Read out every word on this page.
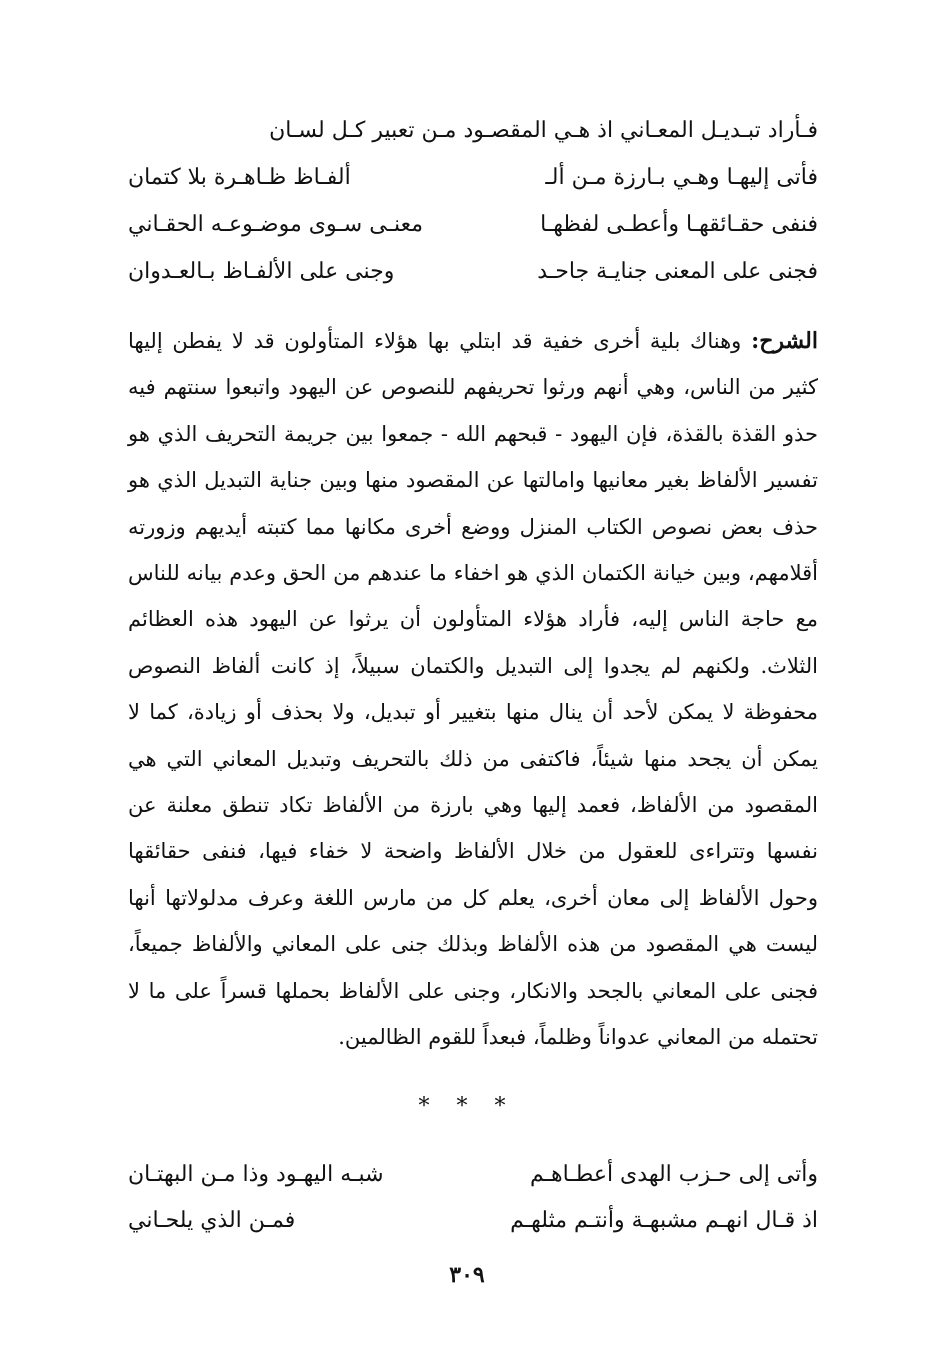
فـأراد تبـديـل المعـاني اذ هـي المقصـود مـن تعبير كـل لسـان
فأتى إليهـا وهـي بـارزة مـن ألـ
ألفـاظ ظـاهـرة بلا كتمان
فنفى حقـائقهـا وأعطـى لفظهـا
معنـى سـوى موضـوعـه الحقـاني
فجنى على المعنى جنايـة جاحـد
وجنى على الألفـاظ بـالعـدوان
الشرح: وهناك بلية أخرى خفية قد ابتلي بها هؤلاء المتأولون قد لا يفطن إليها كثير من الناس، وهي أنهم ورثوا تحريفهم للنصوص عن اليهود واتبعوا سنتهم فيه حذو القذة بالقذة، فإن اليهود - قبحهم الله - جمعوا بين جريمة التحريف الذي هو تفسير الألفاظ بغير معانيها وامالتها عن المقصود منها وبين جناية التبديل الذي هو حذف بعض نصوص الكتاب المنزل ووضع أخرى مكانها مما كتبته أيديهم وزورته أقلامهم، وبين خيانة الكتمان الذي هو اخفاء ما عندهم من الحق وعدم بيانه للناس مع حاجة الناس إليه، فأراد هؤلاء المتأولون أن يرثوا عن اليهود هذه العظائم الثلاث. ولكنهم لم يجدوا إلى التبديل والكتمان سبيلاً، إذ كانت ألفاظ النصوص محفوظة لا يمكن لأحد أن ينال منها بتغيير أو تبديل، ولا بحذف أو زيادة، كما لا يمكن أن يجحد منها شيئاً، فاكتفى من ذلك بالتحريف وتبديل المعاني التي هي المقصود من الألفاظ، فعمد إليها وهي بارزة من الألفاظ تكاد تنطق معلنة عن نفسها وتتراءى للعقول من خلال الألفاظ واضحة لا خفاء فيها، فنفى حقائقها وحول الألفاظ إلى معان أخرى، يعلم كل من مارس اللغة وعرف مدلولاتها أنها ليست هي المقصود من هذه الألفاظ وبذلك جنى على المعاني والألفاظ جميعاً، فجنى على المعاني بالجحد والانكار، وجنى على الألفاظ بحملها قسراً على ما لا تحتمله من المعاني عدواناً وظلماً، فبعداً للقوم الظالمين.
* * *
وأتى إلى حـزب الهدى أعطـاهـم
شبـه اليهـود وذا مـن البهتـان
اذ قـال انهـم مشبهـة وأنتـم مثلهـم
فمـن الذي يلحـاني
٣٠٩
